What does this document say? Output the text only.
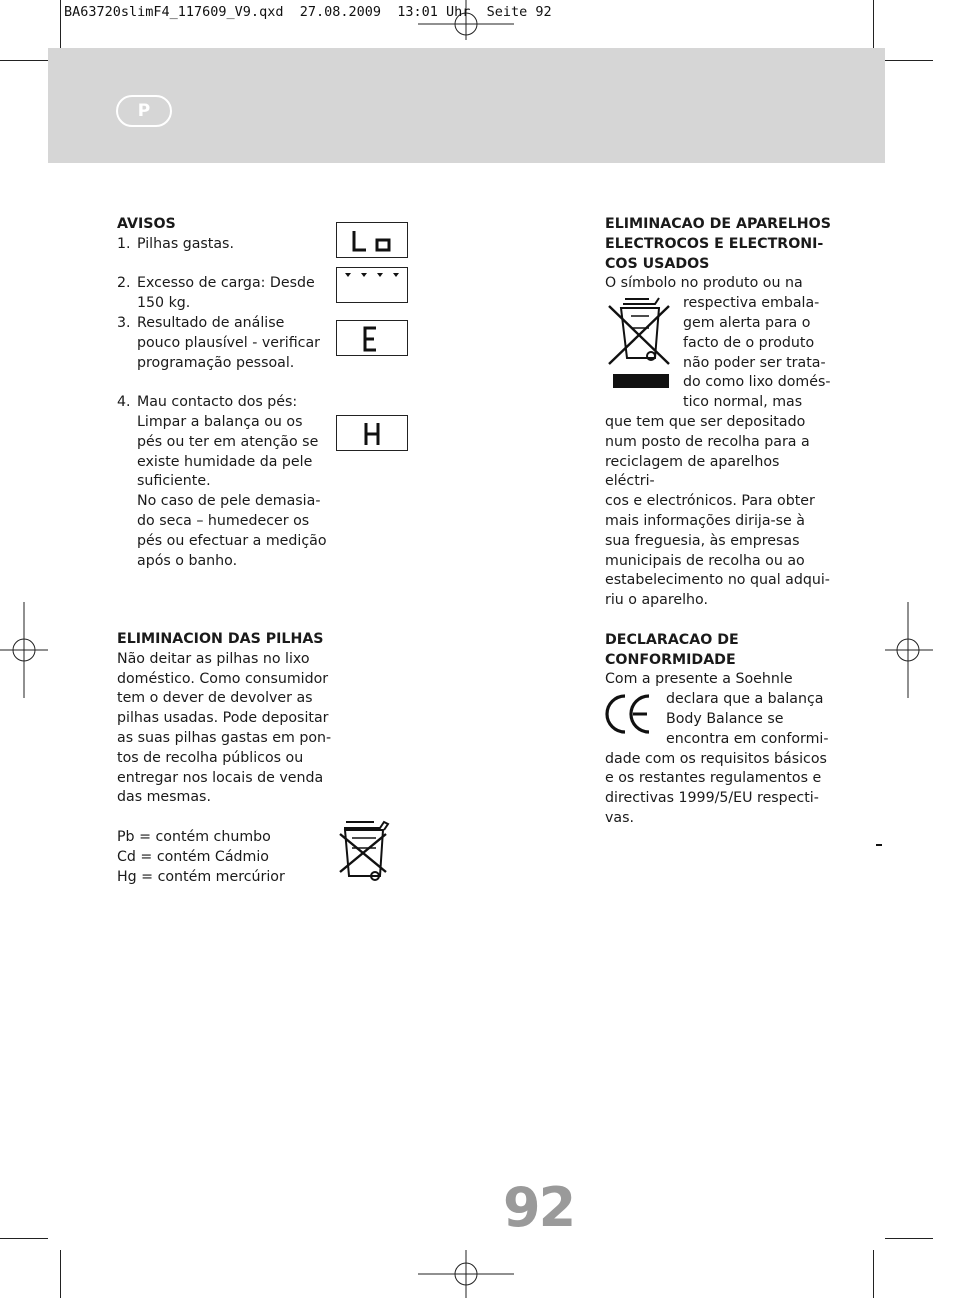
BA63720slimF4_117609_V9.qxd  27.08.2009  13:01 Uhr  Seite 92
P

AVISOS

1. Pilhas gastas.

2. Excesso de carga: Desde

150 kg.

3. Resultado de análise

pouco plausível - verificar

programação pessoal.

4. Mau contacto dos pés:

Limpar a balança ou os

pés ou ter em atenção se

existe humidade da pele

suficiente.

No caso de pele demasia-

do seca – humedecer os

pés ou efectuar a medição

após o banho.

ELIMINACION DAS PILHAS

Não deitar as pilhas no lixo

doméstico. Como consumidor

tem o dever de devolver as

pilhas usadas. Pode depositar

as suas pilhas gastas em pon-

tos de recolha públicos ou

entregar nos locais de venda

das mesmas.

Pb = contém chumbo

Cd = contém Cádmio

Hg = contém mercúrior

ELIMINACAO DE APARELHOS

ELECTROCOS E ELECTRONI-

COS USADOS

O símbolo no produto ou na

respectiva embala-

gem alerta para o

facto de o produto

não poder ser trata-

do como lixo domés-

tico normal, mas

que tem que ser depositado

num posto de recolha para a

reciclagem de aparelhos eléctri-

cos e electrónicos. Para obter

mais informações dirija-se à

sua freguesia, às empresas

municipais de recolha ou ao

estabelecimento no qual adqui-

riu o aparelho.

DECLARACAO DE

CONFORMIDADE

Com a presente a Soehnle

declara que a balança

Body Balance se

encontra em conformi-

dade com os requisitos básicos

e os restantes regulamentos e

directivas 1999/5/EU respecti-

vas.

92
